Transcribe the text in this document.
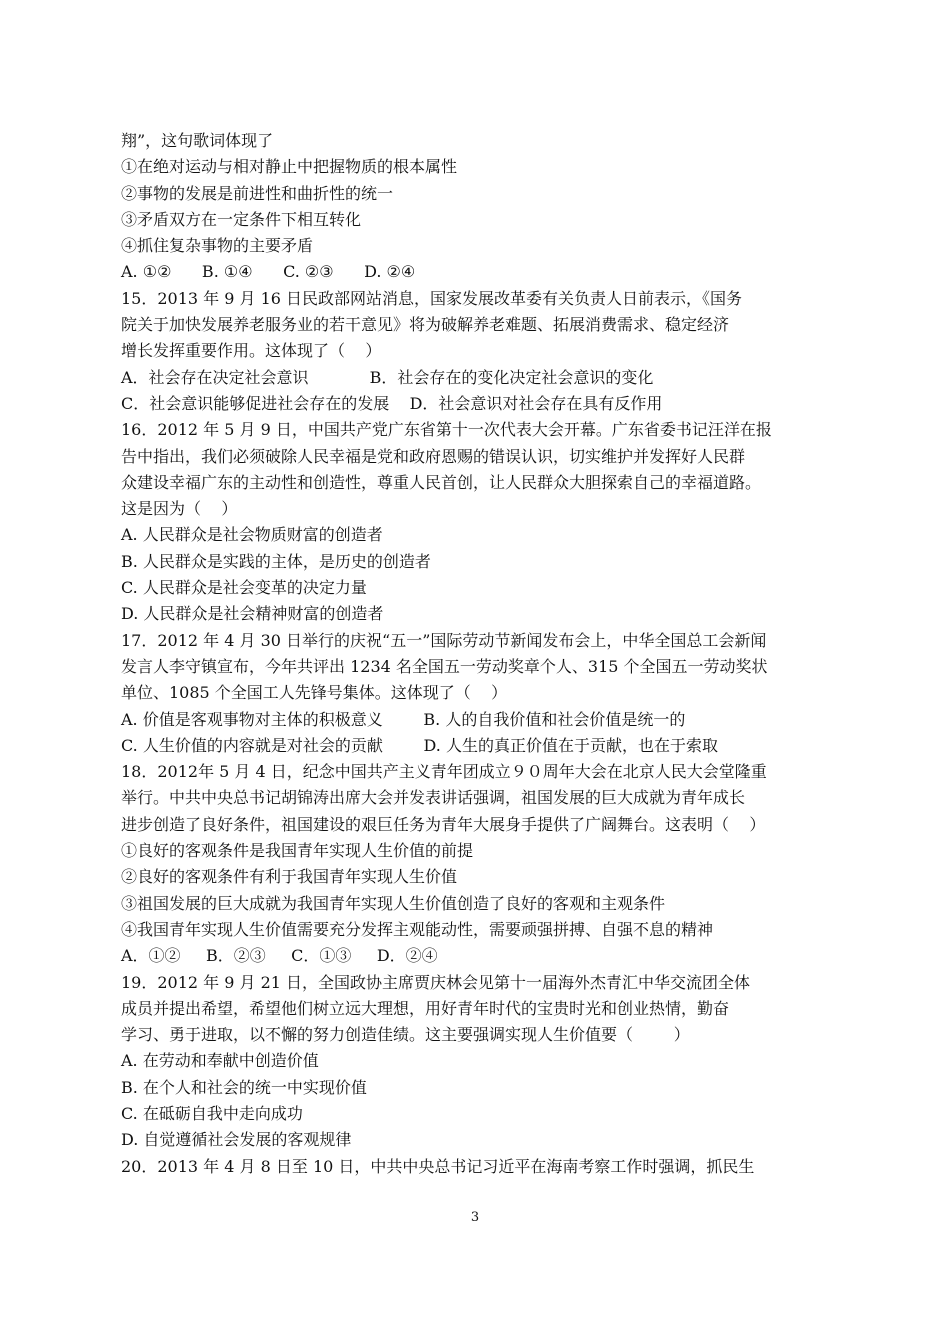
翔”，这句歌词体现了
①在绝对运动与相对静止中把握物质的根本属性
②事物的发展是前进性和曲折性的统一
③矛盾双方在一定条件下相互转化
④抓住复杂事物的主要矛盾
A. ①②      B. ①④      C. ②③      D. ②④
15．2013 年 9 月 16 日民政部网站消息，国家发展改革委有关负责人日前表示，《国务
院关于加快发展养老服务业的若干意见》将为破解养老难题、拓展消费需求、稳定经济
增长发挥重要作用。这体现了（    ）
A．社会存在决定社会意识            B．社会存在的变化决定社会意识的变化
C．社会意识能够促进社会存在的发展    D．社会意识对社会存在具有反作用
16．2012 年 5 月 9 日，中国共产党广东省第十一次代表大会开幕。广东省委书记汪洋在报
告中指出，我们必须破除人民幸福是党和政府恩赐的错误认识，切实维护并发挥好人民群
众建设幸福广东的主动性和创造性，尊重人民首创，让人民群众大胆探索自己的幸福道路。
这是因为（    ）
A. 人民群众是社会物质财富的创造者
B. 人民群众是实践的主体，是历史的创造者
C. 人民群众是社会变革的决定力量
D. 人民群众是社会精神财富的创造者
17．2012 年 4 月 30 日举行的庆祝“五一”国际劳动节新闻发布会上，中华全国总工会新闻
发言人李守镇宣布，今年共评出 1234 名全国五一劳动奖章个人、315 个全国五一劳动奖状
单位、1085 个全国工人先锋号集体。这体现了（    ）
A. 价值是客观事物对主体的积极意义        B. 人的自我价值和社会价值是统一的
C. 人生价值的内容就是对社会的贡献        D. 人生的真正价值在于贡献，也在于索取
18．2012年 5 月 4 日，纪念中国共产主义青年团成立９０周年大会在北京人民大会堂隆重
举行。中共中央总书记胡锦涛出席大会并发表讲话强调，祖国发展的巨大成就为青年成长
进步创造了良好条件，祖国建设的艰巨任务为青年大展身手提供了广阔舞台。这表明（    ）
①良好的客观条件是我国青年实现人生价值的前提
②良好的客观条件有利于我国青年实现人生价值
③祖国发展的巨大成就为我国青年实现人生价值创造了良好的客观和主观条件
④我国青年实现人生价值需要充分发挥主观能动性，需要顽强拼搏、自强不息的精神
A．①②     B．②③     C．①③     D．②④
19．2012 年 9 月 21 日，全国政协主席贾庆林会见第十一届海外杰青汇中华交流团全体
成员并提出希望，希望他们树立远大理想，用好青年时代的宝贵时光和创业热情，勤奋
学习、勇于进取，以不懈的努力创造佳绩。这主要强调实现人生价值要（        ）
A. 在劳动和奉献中创造价值
B. 在个人和社会的统一中实现价值
C. 在砥砺自我中走向成功
D. 自觉遵循社会发展的客观规律
20．2013 年 4 月 8 日至 10 日，中共中央总书记习近平在海南考察工作时强调，抓民生
3
